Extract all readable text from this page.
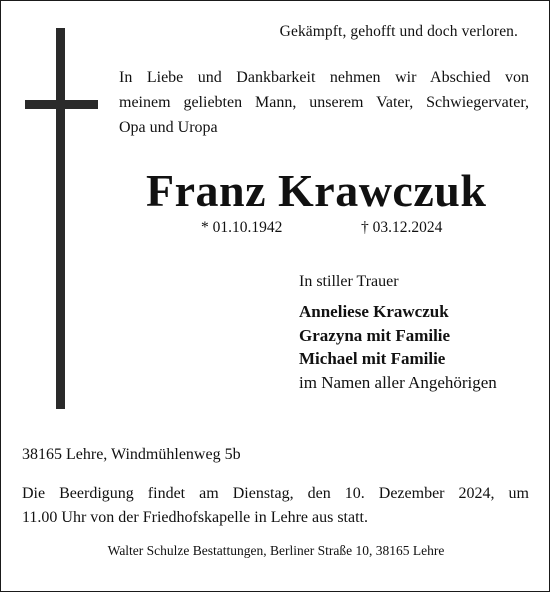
Gekämpft, gehofft und doch verloren.
In Liebe und Dankbarkeit nehmen wir Abschied von
meinem geliebten Mann, unserem Vater, Schwiegervater,
Opa und Uropa
Franz Krawczuk
* 01.10.1942	† 03.12.2024
In stiller Trauer
Anneliese Krawczuk
Grazyna mit Familie
Michael mit Familie
im Namen aller Angehörigen
38165 Lehre, Windmühlenweg 5b
Die Beerdigung findet am Dienstag, den 10. Dezember 2024, um
11.00 Uhr von der Friedhofskapelle in Lehre aus statt.
Walter Schulze Bestattungen, Berliner Straße 10, 38165 Lehre
